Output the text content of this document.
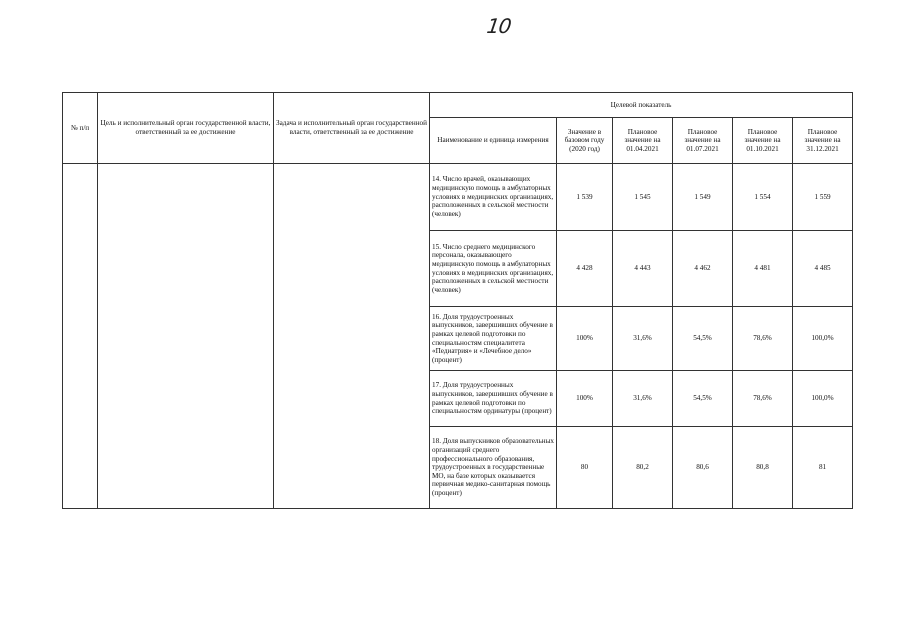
10
№ п/п	Цель и исполнительный орган государственной власти, ответственный за ее достижение	Задача и исполнительный орган государственной власти, ответственный за ее достижение	Целевой показатель					
			Наименование и единица измерения	Значение в базовом году (2020 год)	Плановое значение на 01.04.2021	Плановое значение на 01.07.2021	Плановое значение на 01.10.2021	Плановое значение на 31.12.2021
			14. Число врачей, оказывающих медицинскую помощь в амбулаторных условиях в медицинских организациях, расположенных в сельской местности (человек)	1 539	1 545	1 549	1 554	1 559
			15. Число среднего медицинского персонала, оказывающего медицинскую помощь в амбулаторных условиях в медицинских организациях, расположенных в сельской местности (человек)	4 428	4 443	4 462	4 481	4 485
			16. Доля трудоустроенных выпускников, завершивших обучение в рамках целевой подготовки по специальностям специалитета «Педиатрия» и «Лечебное дело» (процент)	100%	31,6%	54,5%	78,6%	100,0%
			17. Доля трудоустроенных выпускников, завершивших обучение в рамках целевой подготовки по специальностям ординатуры (процент)	100%	31,6%	54,5%	78,6%	100,0%
			18. Доля выпускников образовательных организаций среднего профессионального образования, трудоустроенных в государственные МО, на базе которых оказывается первичная медико-санитарная помощь (процент)	80	80,2	80,6	80,8	81
